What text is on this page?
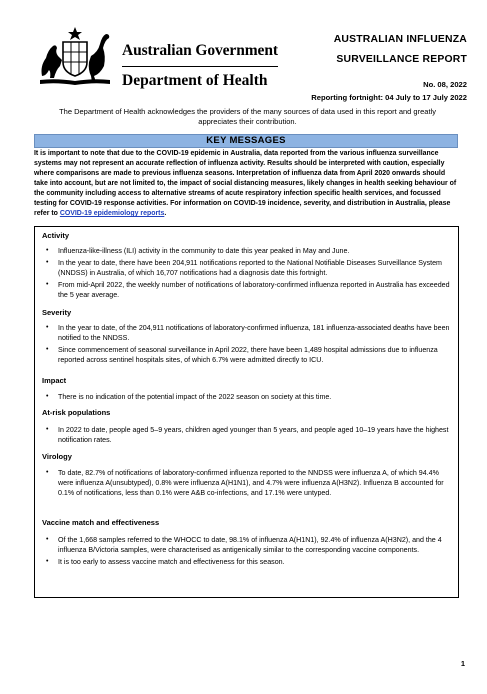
Australian Government
Department of Health
AUSTRALIAN INFLUENZA
SURVEILLANCE REPORT
No. 08, 2022
Reporting fortnight: 04 July to 17 July 2022
The Department of Health acknowledges the providers of the many sources of data used in this report and greatly appreciates their contribution.
KEY MESSAGES
It is important to note that due to the COVID-19 epidemic in Australia, data reported from the various influenza surveillance systems may not represent an accurate reflection of influenza activity. Results should be interpreted with caution, especially where comparisons are made to previous influenza seasons. Interpretation of influenza data from April 2020 onwards should take into account, but are not limited to, the impact of social distancing measures, likely changes in health seeking behaviour of the community including access to alternative streams of acute respiratory infection specific health services, and focussed testing for COVID-19 response activities. For information on COVID-19 incidence, severity, and distribution in Australia, please refer to COVID-19 epidemiology reports.
Activity
• Influenza-like-illness (ILI) activity in the community to date this year peaked in May and June.
• In the year to date, there have been 204,911 notifications reported to the National Notifiable Diseases Surveillance System (NNDSS) in Australia, of which 16,707 notifications had a diagnosis date this fortnight.
• From mid-April 2022, the weekly number of notifications of laboratory-confirmed influenza reported in Australia has exceeded the 5 year average.
Severity
• In the year to date, of the 204,911 notifications of laboratory-confirmed influenza, 181 influenza-associated deaths have been notified to the NNDSS.
• Since commencement of seasonal surveillance in April 2022, there have been 1,489 hospital admissions due to influenza reported across sentinel hospitals sites, of which 6.7% were admitted directly to ICU.
Impact
• There is no indication of the potential impact of the 2022 season on society at this time.
At-risk populations
• In 2022 to date, people aged 5–9 years, children aged younger than 5 years, and people aged 10–19 years have the highest notification rates.
Virology
• To date, 82.7% of notifications of laboratory-confirmed influenza reported to the NNDSS were influenza A, of which 94.4% were influenza A(unsubtyped), 0.8% were influenza A(H1N1), and 4.7% were influenza A(H3N2). Influenza B accounted for 0.1% of notifications, less than 0.1% were A&B co-infections, and 17.1% were untyped.
Vaccine match and effectiveness
• Of the 1,668 samples referred to the WHOCC to date, 98.1% of influenza A(H1N1), 92.4% of influenza A(H3N2), and the 4 influenza B/Victoria samples, were characterised as antigenically similar to the corresponding vaccine components.
• It is too early to assess vaccine match and effectiveness for this season.
1
